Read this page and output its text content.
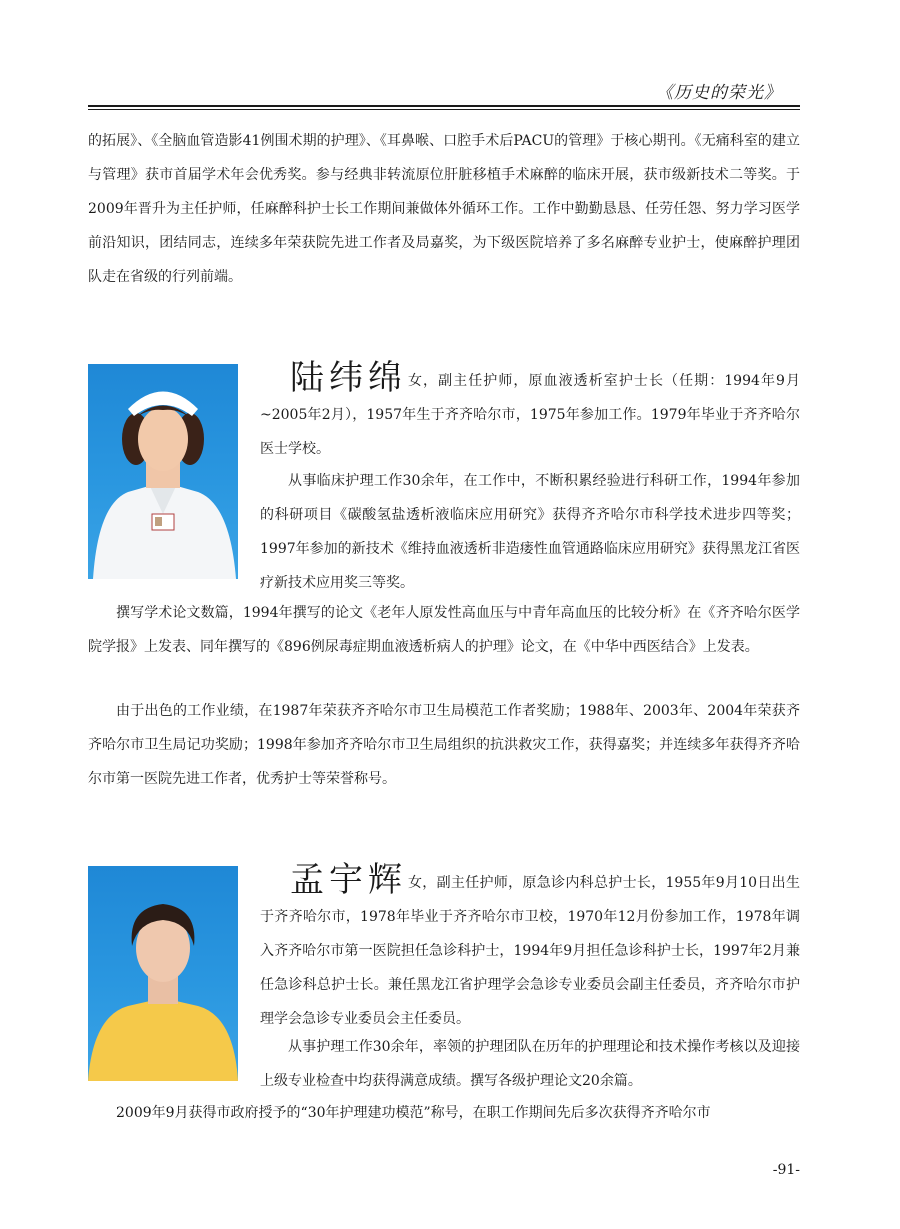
《历史的荣光》

的拓展》、《全脑血管造影41例围术期的护理》、《耳鼻喉、口腔手术后PACU的管理》于核心期刊。《无痛科室的建立与管理》获市首届学术年会优秀奖。参与经典非转流原位肝脏移植手术麻醉的临床开展，获市级新技术二等奖。于2009年晋升为主任护师，任麻醉科护士长工作期间兼做体外循环工作。工作中勤勤恳恳、任劳任怨、努力学习医学前沿知识，团结同志，连续多年荣获院先进工作者及局嘉奖，为下级医院培养了多名麻醉专业护士，使麻醉护理团队走在省级的行列前端。

陆纬绵 女，副主任护师，原血液透析室护士长（任期：1994年9月~2005年2月），1957年生于齐齐哈尔市，1975年参加工作。1979年毕业于齐齐哈尔医士学校。

从事临床护理工作30余年，在工作中，不断积累经验进行科研工作，1994年参加的科研项目《碳酸氢盐透析液临床应用研究》获得齐齐哈尔市科学技术进步四等奖；1997年参加的新技术《维持血液透析非造瘘性血管通路临床应用研究》获得黑龙江省医疗新技术应用奖三等奖。

撰写学术论文数篇，1994年撰写的论文《老年人原发性高血压与中青年高血压的比较分析》在《齐齐哈尔医学院学报》上发表、同年撰写的《896例尿毒症期血液透析病人的护理》论文，在《中华中西医结合》上发表。

由于出色的工作业绩，在1987年荣获齐齐哈尔市卫生局模范工作者奖励；1988年、2003年、2004年荣获齐齐哈尔市卫生局记功奖励；1998年参加齐齐哈尔市卫生局组织的抗洪救灾工作，获得嘉奖；并连续多年获得齐齐哈尔市第一医院先进工作者，优秀护士等荣誉称号。

孟宇辉 女，副主任护师，原急诊内科总护士长，1955年9月10日出生于齐齐哈尔市，1978年毕业于齐齐哈尔市卫校，1970年12月份参加工作，1978年调入齐齐哈尔市第一医院担任急诊科护士，1994年9月担任急诊科护士长，1997年2月兼任急诊科总护士长。兼任黑龙江省护理学会急诊专业委员会副主任委员，齐齐哈尔市护理学会急诊专业委员会主任委员。

从事护理工作30余年，率领的护理团队在历年的护理理论和技术操作考核以及迎接上级专业检查中均获得满意成绩。撰写各级护理论文20余篇。

2009年9月获得市政府授予的“30年护理建功模范”称号，在职工作期间先后多次获得齐齐哈尔市

-91-
